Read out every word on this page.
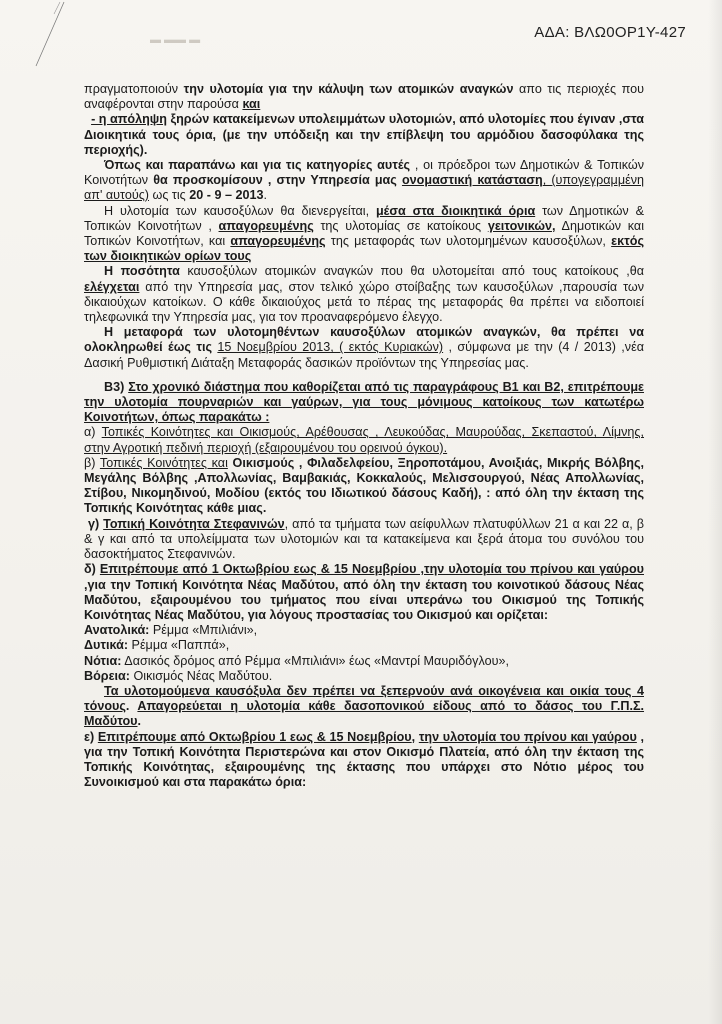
▬ ▬▬ ▬	ΑΔΑ: ΒΛΩ0ΟΡ1Υ-427

πραγματοποιούν την υλοτομία για την κάλυψη των ατομικών αναγκών απο τις περιοχές που αναφέρονται στην παρούσα και

- η απόληψη ξηρών κατακείμενων υπολειμμάτων υλοτομιών, από υλοτομίες που έγιναν ,στα Διοικητικά τους όρια, (με την υπόδειξη και την επίβλεψη του αρμόδιου δασοφύλακα της περιοχής).

Όπως και παραπάνω και για τις κατηγορίες αυτές , οι πρόεδροι των Δημοτικών & Τοπικών Κοινοτήτων θα προσκομίσουν , στην Υπηρεσία μας ονομαστική κατάσταση, (υπογεγραμμένη απ' αυτούς) ως τις 20 - 9 – 2013.

Η υλοτομία των καυσοξύλων θα διενεργείται, μέσα στα διοικητικά όρια των Δημοτικών & Τοπικών Κοινοτήτων , απαγορευμένης της υλοτομίας σε κατοίκους γειτονικών, Δημοτικών και Τοπικών Κοινοτήτων, και απαγορευμένης της μεταφοράς των υλοτομημένων καυσοξύλων, εκτός των διοικητικών ορίων τους

Η ποσότητα καυσοξύλων ατομικών αναγκών που θα υλοτομείται από τους κατοίκους ,θα ελέγχεται από την Υπηρεσία μας, στον τελικό χώρο στοίβαξης των καυσοξύλων ,παρουσία των δικαιούχων κατοίκων. Ο κάθε δικαιούχος μετά το πέρας της μεταφοράς θα πρέπει να ειδοποιεί τηλεφωνικά την Υπηρεσία μας, για τον προαναφερόμενο έλεγχο.

Η μεταφορά των υλοτομηθέντων καυσοξύλων ατομικών αναγκών, θα πρέπει να ολοκληρωθεί έως τις 15 Νοεμβρίου 2013, ( εκτός Κυριακών) , σύμφωνα με την (4 / 2013) ,νέα Δασική Ρυθμιστική Διάταξη Μεταφοράς δασικών προϊόντων της Υπηρεσίας μας.

Β3) Στο χρονικό διάστημα που καθορίζεται από τις παραγράφους Β1 και Β2, επιτρέπουμε την υλοτομία πουρναριών και γαύρων, για τους μόνιμους κατοίκους των κατωτέρω Κοινοτήτων, όπως παρακάτω :

α) Τοπικές Κοινότητες και Οικισμούς, Αρέθουσας , Λευκούδας, Μαυρούδας, Σκεπαστού, Λίμνης, στην Αγροτική πεδινή περιοχή (εξαιρουμένου του ορεινού όγκου).

β) Τοπικές Κοινότητες και Οικισμούς , Φιλαδελφείου, Ξηροποτάμου, Ανοιξιάς, Μικρής Βόλβης, Μεγάλης Βόλβης ,Απολλωνίας, Βαμβακιάς, Κοκκαλούς, Μελισσουργού, Νέας Απολλωνίας, Στίβου, Νικομηδινού, Μοδίου (εκτός του Ιδιωτικού δάσους Καδή), : από όλη την έκταση της Τοπικής Κοινότητας κάθε μιας.

γ) Τοπική Κοινότητα Στεφανινών, από τα τμήματα των αείφυλλων πλατυφύλλων 21 α και 22 α, β & γ και από τα υπολείμματα των υλοτομιών και τα κατακείμενα και ξερά άτομα του συνόλου του δασοκτήματος Στεφανινών.

δ) Επιτρέπουμε από 1 Οκτωβρίου εως & 15 Νοεμβρίου ,την υλοτομία του πρίνου και γαύρου ,για την Τοπική Κοινότητα Νέας Μαδύτου, από όλη την έκταση του κοινοτικού δάσους Νέας Μαδύτου, εξαιρουμένου του τμήματος που είναι υπεράνω του Οικισμού της Τοπικής Κοινότητας Νέας Μαδύτου, για λόγους προστασίας του Οικισμού και ορίζεται:

Ανατολικά: Ρέμμα «Μπιλιάνι»,

Δυτικά: Ρέμμα «Παππά»,

Νότια: Δασικός δρόμος από Ρέμμα «Μπιλιάνι» έως «Μαντρί Μαυριδόγλου»,

Βόρεια: Οικισμός Νέας Μαδύτου.

Τα υλοτομούμενα καυσόξυλα δεν πρέπει να ξεπερνούν ανά οικογένεια και οικία τους 4 τόνους. Απαγορεύεται η υλοτομία κάθε δασοπονικού είδους από το δάσος του Γ.Π.Σ. Μαδύτου.

ε) Επιτρέπουμε από Οκτωβρίου 1 εως & 15 Νοεμβρίου, την υλοτομία του πρίνου και γαύρου , για την Τοπική Κοινότητα Περιστερώνα και στον Οικισμό Πλατεία, από όλη την έκταση της Τοπικής Κοινότητας, εξαιρουμένης της έκτασης που υπάρχει στο Νότιο μέρος του Συνοικισμού και στα παρακάτω όρια:
